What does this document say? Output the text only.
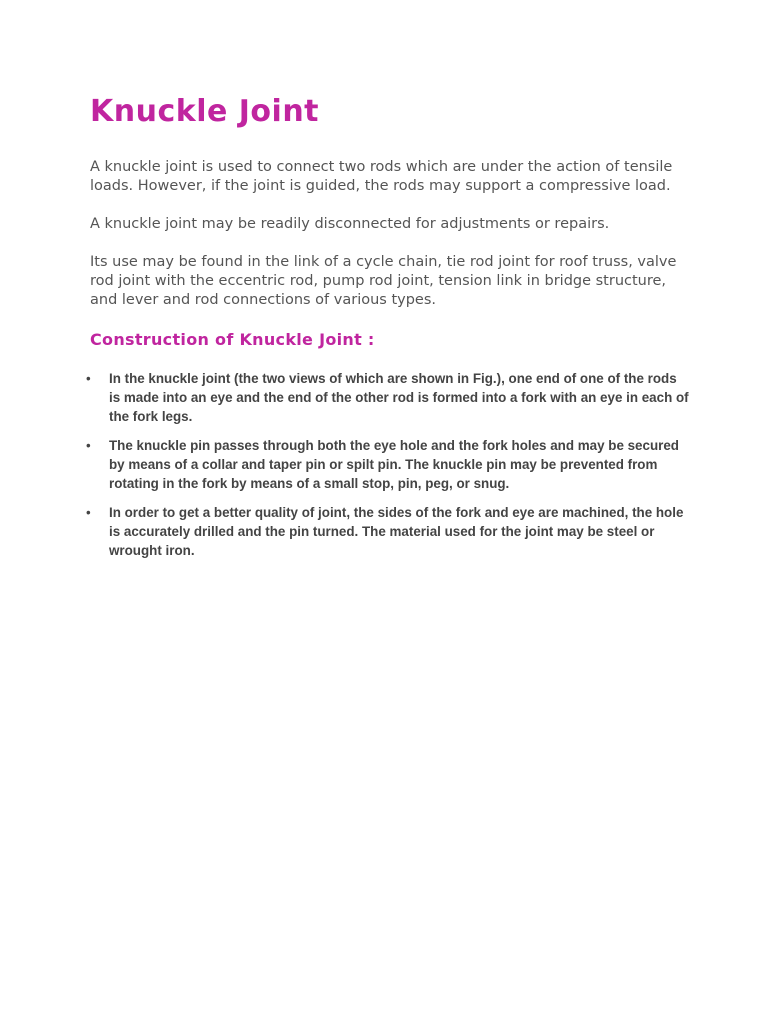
Knuckle Joint

A knuckle joint is used to connect two rods which are under the action of tensile loads. However, if the joint is guided, the rods may support a compressive load.

A knuckle joint may be readily disconnected for adjustments or repairs.

Its use may be found in the link of a cycle chain, tie rod joint for roof truss, valve rod joint with the eccentric rod, pump rod joint, tension link in bridge structure, and lever and rod connections of various types.

Construction of Knuckle Joint :
• In the knuckle joint (the two views of which are shown in Fig.), one end of one of the rods is made into an eye and the end of the other rod is formed into a fork with an eye in each of the fork legs.
• The knuckle pin passes through both the eye hole and the fork holes and may be secured by means of a collar and taper pin or spilt pin. The knuckle pin may be prevented from rotating in the fork by means of a small stop, pin, peg, or snug.
• In order to get a better quality of joint, the sides of the fork and eye are machined, the hole is accurately drilled and the pin turned. The material used for the joint may be steel or wrought iron.
